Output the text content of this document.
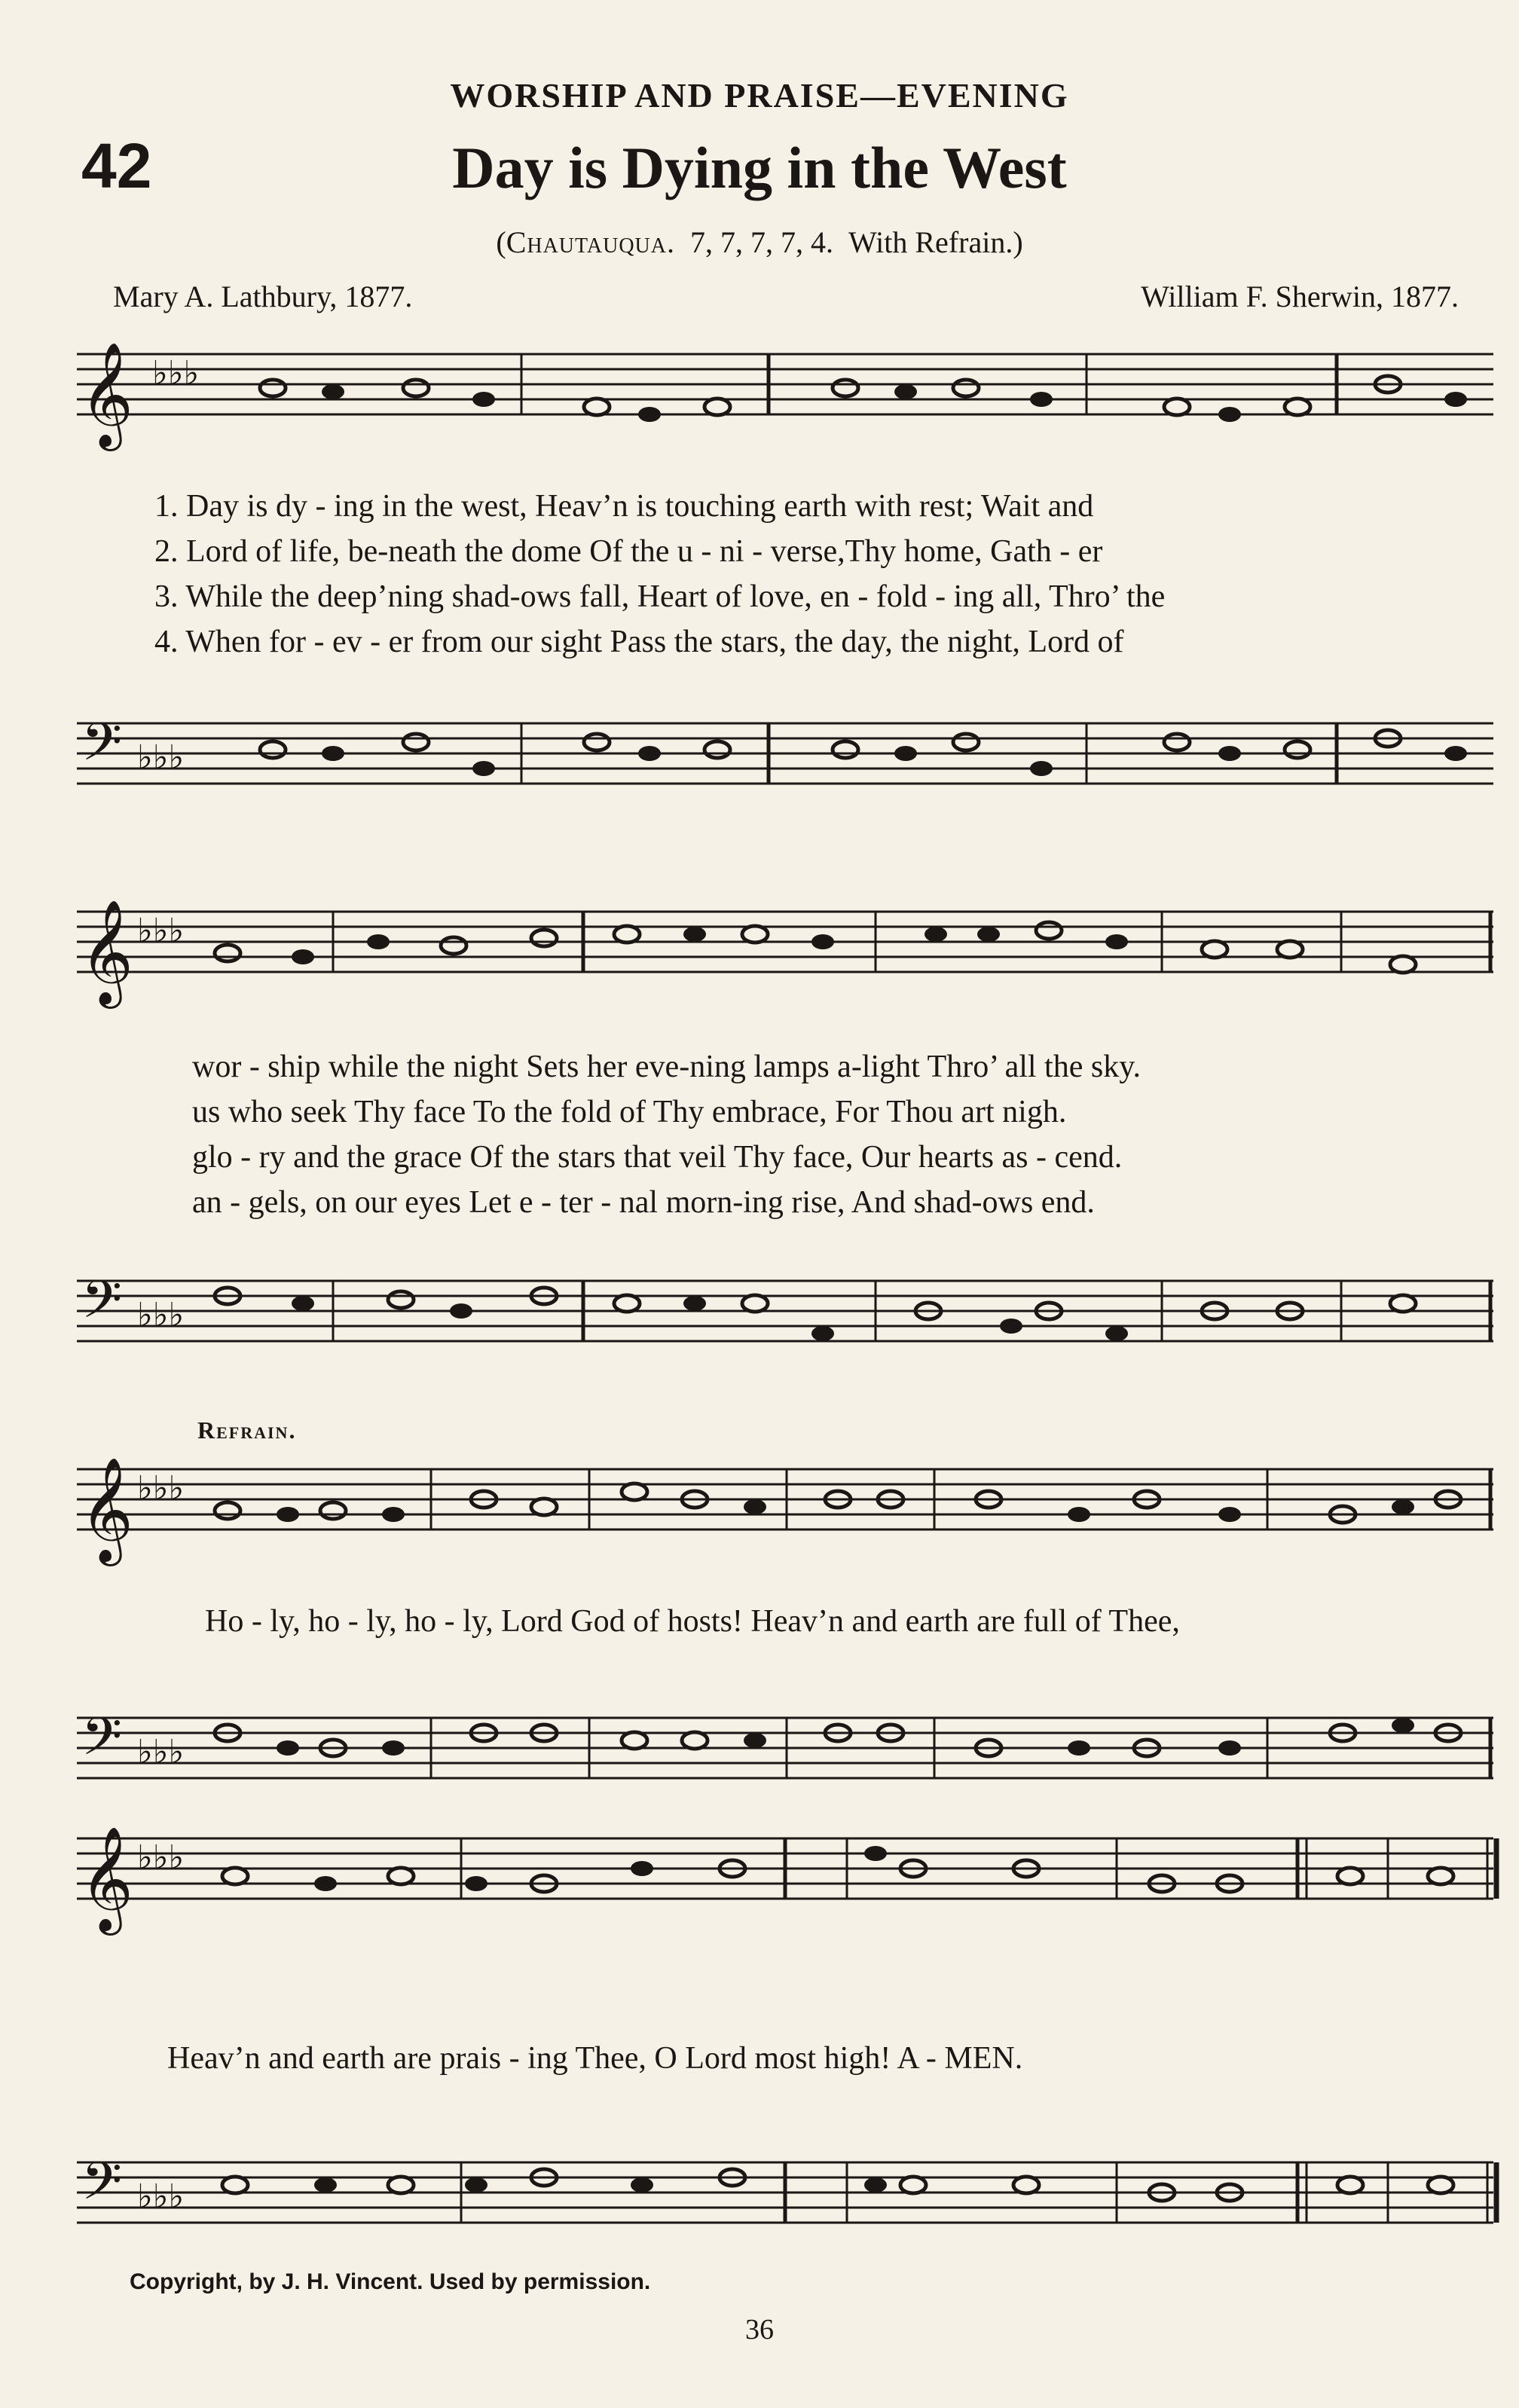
WORSHIP AND PRAISE—EVENING
42	Day is Dying in the West
(Chautauqua. 7, 7, 7, 7, 4. With Refrain.)
Mary A. Lathbury, 1877.	William F. Sherwin, 1877.
𝄞 ♭♭♭
𝄢 ♭♭♭
𝄞 ♭♭♭
𝄢 ♭♭♭
𝄞 ♭♭♭
𝄢 ♭♭♭
𝄞 ♭♭♭
𝄢 ♭♭♭
1. Day is dy - ing in the west, Heav’n is touching earth with rest; Wait and
2. Lord of life, be-neath the dome Of the u - ni - verse,Thy home, Gath - er
3. While the deep’ning shad-ows fall, Heart of love, en - fold - ing all, Thro’ the
4. When for - ev - er from our sight Pass the stars, the day, the night, Lord of
wor - ship while the night Sets her eve-ning lamps a-light Thro’ all the sky.
us who seek Thy face To the fold of Thy embrace, For Thou art nigh.
glo - ry and the grace Of the stars that veil Thy face, Our hearts as - cend.
an - gels, on our eyes Let e - ter - nal morn-ing rise, And shad-ows end.
Refrain.
Ho - ly, ho - ly, ho - ly, Lord God of hosts! Heav’n and earth are full of Thee,
Heav’n and earth are prais - ing Thee, O Lord most high! A - MEN.
Copyright, by J. H. Vincent. Used by permission.
36
